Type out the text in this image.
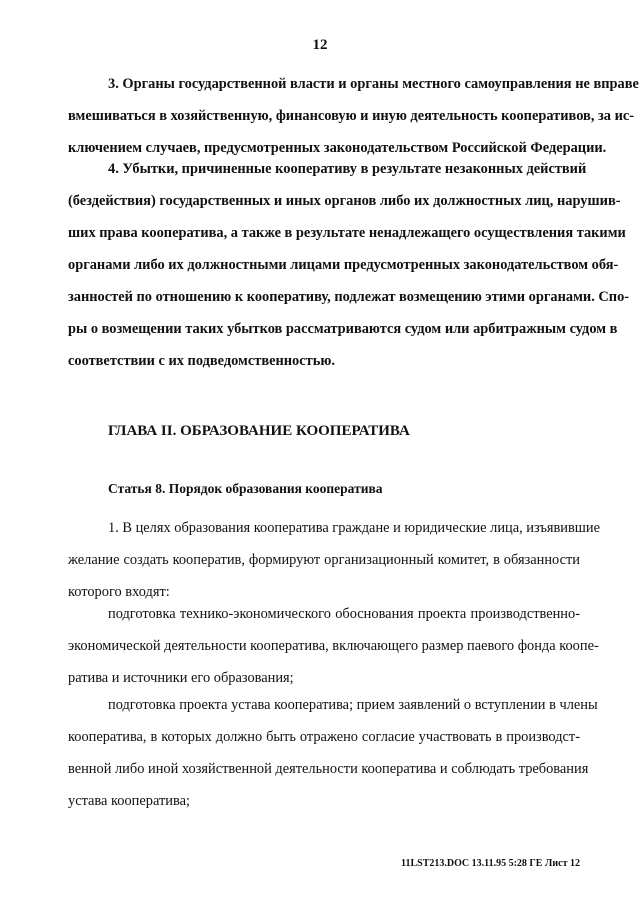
12
3. Органы государственной власти и органы местного самоуправления не вправе
вмешиваться в хозяйственную, финансовую и иную деятельность кооперативов, за ис-
ключением случаев, предусмотренных законодательством Российской Федерации.
4. Убытки, причиненные кооперативу в результате незаконных действий
(бездействия) государственных и иных органов либо их должностных лиц, нарушив-
ших права кооператива, а также в результате ненадлежащего осуществления такими
органами либо их должностными лицами предусмотренных законодательством обя-
занностей по отношению к кооперативу, подлежат возмещению этими органами. Спо-
ры о возмещении таких убытков рассматриваются судом или арбитражным судом в
соответствии с их подведомственностью.
ГЛАВА II. ОБРАЗОВАНИЕ КООПЕРАТИВА
Статья 8. Порядок образования кооператива
1. В целях образования кооператива граждане и юридические лица, изъявившие
желание создать кооператив, формируют организационный комитет, в обязанности
которого входят:
подготовка технико-экономического обоснования проекта производственно-
экономической деятельности кооператива, включающего размер паевого фонда коопе-
ратива и источники его образования;
подготовка проекта устава кооператива; прием заявлений о вступлении в члены
кооператива, в которых должно быть отражено согласие участвовать в производст-
венной либо иной хозяйственной деятельности кооператива и соблюдать требования
устава кооператива;
11LST213.DOC 13.11.95 5:28 ГЕ Лист 12
